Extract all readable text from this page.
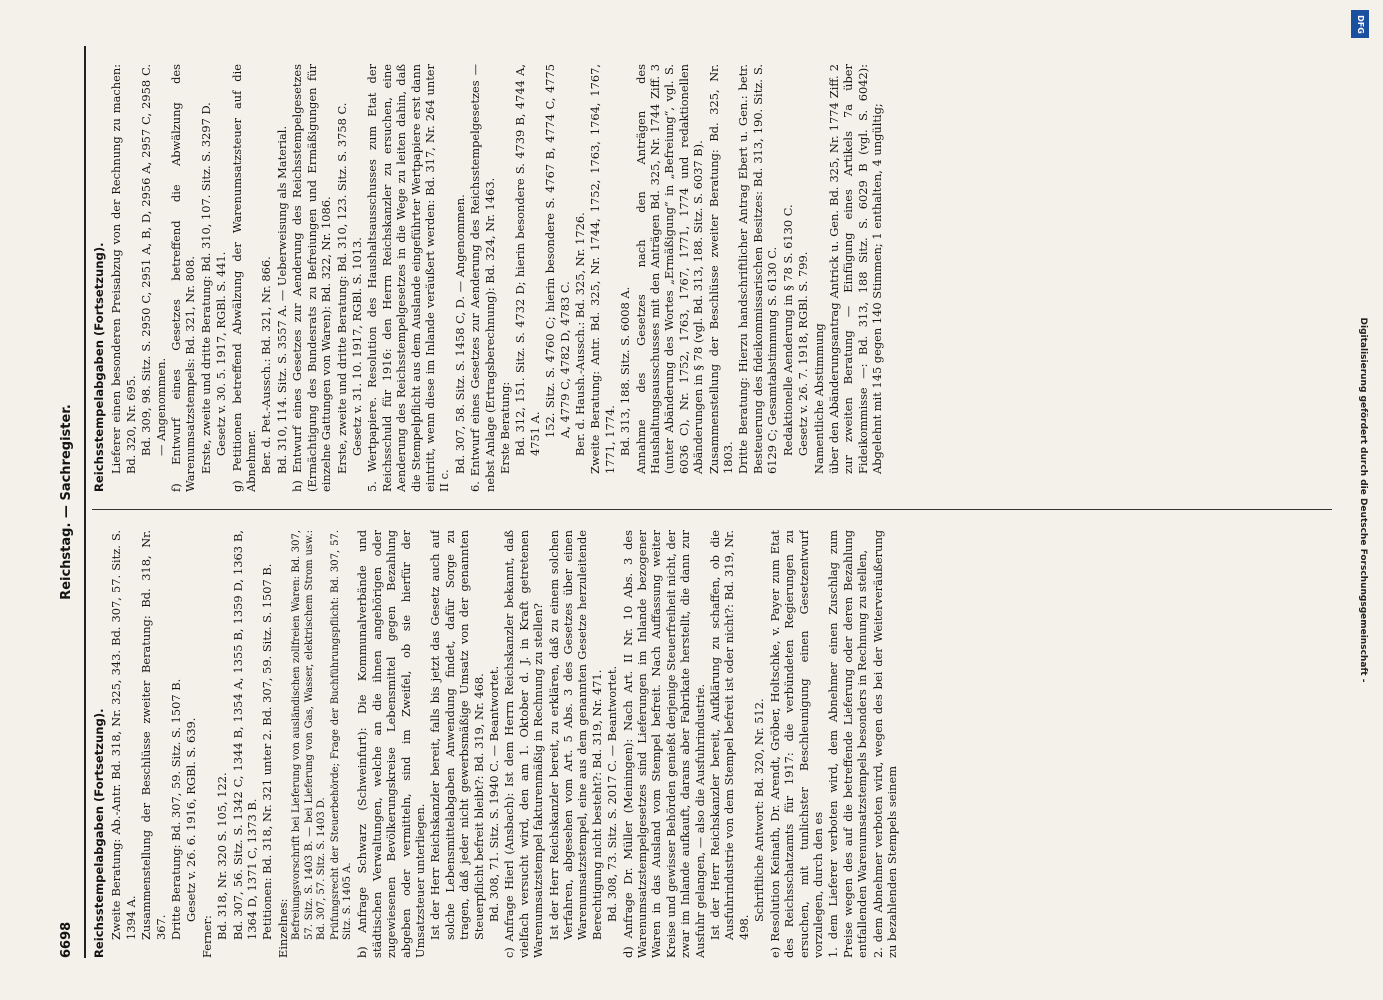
6698
Reichstag. — Sachregister.

Reichsstempelabgaben (Fortsetzung). Zweite Beratung: Ab.-Antr. Bd. 318, Nr. 325, 343. Bd. 307, 57. Sitz. S. 1394 A. Zusammenstellung der Beschlüsse zweiter Beratung: Bd. 318, Nr. 367. Dritte Beratung: Bd. 307, 59. Sitz. S. 1507 B. Gesetz v. 26. 6. 1916, RGBl. S. 639.

Ferner: Bd. 318, Nr. 320 S. 105, 122. Bd. 307, 56. Sitz. S. 1342 C, 1344 B, 1354 A, 1355 B, 1359 D, 1363 B, 1364 D, 1371 C, 1373 B. Petitionen: Bd. 318, Nr. 321 unter 2. Bd. 307, 59. Sitz. S. 1507 B. Einzelnes: Befreiungsvorschrift bei Lieferung von ausländischen zollfreien Waren: Bd. 307, 57. Sitz. S. 1403 B. — bei Lieferung von Gas, Wasser, elektrischem Strom usw.: Bd. 307, 57. Sitz. S. 1403 D. Prüfungsrecht der Steuerbehörde; Frage der Buchführungspflicht: Bd. 307, 57. Sitz. S. 1405 A. b) Anfrage Schwarz (Schweinfurt): Die Kommunalverbände und städtischen Verwaltungen, welche an die ihnen angehörigen oder zugewiesenen Bevölkerungskreise Lebensmittel gegen Bezahlung abgeben oder vermitteln, sind im Zweifel, ob sie hierfür der Umsatzsteuer unterliegen. Ist der Herr Reichskanzler bereit, falls bis jetzt das Gesetz auch auf solche Lebensmittelabgaben Anwendung findet, dafür Sorge zu tragen, daß jeder nicht gewerbsmäßige Umsatz von der genannten Steuerpflicht befreit bleibt?: Bd. 319, Nr. 468. Bd. 308, 71. Sitz. S. 1940 C. — Beantwortet. c) Anfrage Hierl (Ansbach): Ist dem Herrn Reichskanzler bekannt, daß vielfach versucht wird, den am 1. Oktober d. J. in Kraft getretenen Warenumsatzstempel fakturenmäßig in Rechnung zu stellen? Ist der Herr Reichskanzler bereit, zu erklären, daß zu einem solchen Verfahren, abgesehen vom Art. 5 Abs. 3 des Gesetzes über einen Warenumsatzstempel, eine aus dem genannten Gesetze herzuleitende Berechtigung nicht besteht?: Bd. 319, Nr. 471. Bd. 308, 73. Sitz. S. 2017 C. — Beantwortet. d) Anfrage Dr. Müller (Meiningen): Nach Art. II Nr. 10 Abs. 3 des Warenumsatzstempelgesetzes sind Lieferungen im Inlande bezogener Waren in das Ausland vom Stempel befreit. Nach Auffassung weiter Kreise und gewisser Behörden genießt derjenige Steuerfreiheit nicht, der zwar im Inlande aufkauft, darans aber Fabrikate herstellt, die dann zur Ausfuhr gelangen, — also die Ausfuhrindustrie. Ist der Herr Reichskanzler bereit, Aufklärung zu schaffen, ob die Ausfuhrindustrie von dem Stempel befreit ist oder nicht?: Bd. 319, Nr. 498.

Schriftliche Antwort: Bd. 320, Nr. 512. e) Resolution Keinath, Dr. Arendt, Gröber, Holtschke, v. Payer zum Etat des Reichsschatzamts für 1917: die verbündeten Regierungen zu ersuchen, mit tunlichster Beschleunigung einen Gesetzentwurf vorzulegen, durch den es 1. dem Lieferer verboten wird, dem Abnehmer einen Zuschlag zum Preise wegen des auf die betreffende Lieferung oder deren Bezahlung entfallenden Warenumsatzstempels besonders in Rechnung zu stellen, 2. dem Abnehmer verboten wird, wegen des bei der Weiterveräußerung zu bezahlenden Stempels seinem

Reichsstempelabgaben (Fortsetzung). Lieferer einen besonderen Preisabzug von der Rechnung zu machen: Bd. 320, Nr. 695. Bd. 309, 98. Sitz. S. 2950 C, 2951 A, B, D, 2956 A, 2957 C, 2958 C. — Angenommen. f) Entwurf eines Gesetzes betreffend die Abwälzung des Warenumsatzstempels: Bd. 321, Nr. 808. Erste, zweite und dritte Beratung: Bd. 310, 107. Sitz. S. 3297 D. Gesetz v. 30. 5. 1917, RGBl. S. 441. g) Petitionen betreffend Abwälzung der Warenumsatzsteuer auf die Abnehmer. Ber. d. Pet.-Aussch.: Bd. 321, Nr. 866. Bd. 310, 114. Sitz. S. 3557 A. — Ueberweisung als Material. h) Entwurf eines Gesetzes zur Aenderung des Reichsstempelgesetzes (Ermächtigung des Bundesrats zu Befreiungen und Ermäßigungen für einzelne Gattungen von Waren): Bd. 322, Nr. 1086. Erste, zweite und dritte Beratung: Bd. 310, 123. Sitz. S. 3758 C. Gesetz v. 31. 10. 1917, RGBl. S. 1013. 5. Wertpapiere. Resolution des Haushaltsausschusses zum Etat der Reichsschuld für 1916: den Herrn Reichskanzler zu ersuchen, eine Aenderung des Reichsstempelgesetzes in die Wege zu leiten dahin, daß die Stempelpflicht aus dem Auslande eingeführter Wertpapiere erst dann eintritt, wenn diese im Inlande veräußert werden: Bd. 317, Nr. 264 unter II c.

Bd. 307, 58. Sitz. S. 1458 C, D. — Angenommen. 6. Entwurf eines Gesetzes zur Aenderung des Reichsstempelgesetzes — nebst Anlage (Ertragsberechnung): Bd. 324, Nr. 1463. Erste Beratung: Bd. 312, 151. Sitz. S. 4732 D; hierin besondere S. 4739 B, 4744 A, 4751 A. 152. Sitz. S. 4760 C; hierin besondere S. 4767 B, 4774 C, 4775 A, 4779 C, 4782 D, 4783 C. Ber. d. Haush.-Aussch.: Bd. 325, Nr. 1726. Zweite Beratung: Antr. Bd. 325, Nr. 1744, 1752, 1763, 1764, 1767, 1771, 1774. Bd. 313, 188. Sitz. S. 6008 A. Annahme des Gesetzes nach den Anträgen des Haushaltungsausschusses mit den Anträgen Bd. 325, Nr. 1744 Ziff. 3 (unter Abänderung des Wortes „Ermäßigung“ in „Befreiung“, vgl. S. 6036 C), Nr. 1752, 1763, 1767, 1771, 1774 und redaktionellen Abänderungen in § 78 (vgl. Bd. 313, 188. Sitz. S. 6037 B). Zusammenstellung der Beschlüsse zweiter Beratung: Bd. 325, Nr. 1803. Dritte Beratung: Hierzu handschriftlicher Antrag Ebert u. Gen.: betr. Besteuerung des fideikommissarischen Besitzes: Bd. 313, 190. Sitz. S. 6129 C; Gesamtabstimmung S. 6130 C. Redaktionelle Aenderung in § 78 S. 6130 C. Gesetz v. 26. 7. 1918, RGBl. S. 799. Namentliche Abstimmung über den Abänderungsantrag Antrick u. Gen. Bd. 325, Nr. 1774 Ziff. 2 zur zweiten Beratung — Einfügung eines Artikels 7a über Fideikommisse —: Bd. 313, 188 Sitz. S. 6029 B (vgl. S. 6042): Abgelehnt mit 145 gegen 140 Stimmen; 1 enthalten, 4 ungültig;

DFG
Digitalisierung gefördert durch die Deutsche Forschungsgemeinschaft -
